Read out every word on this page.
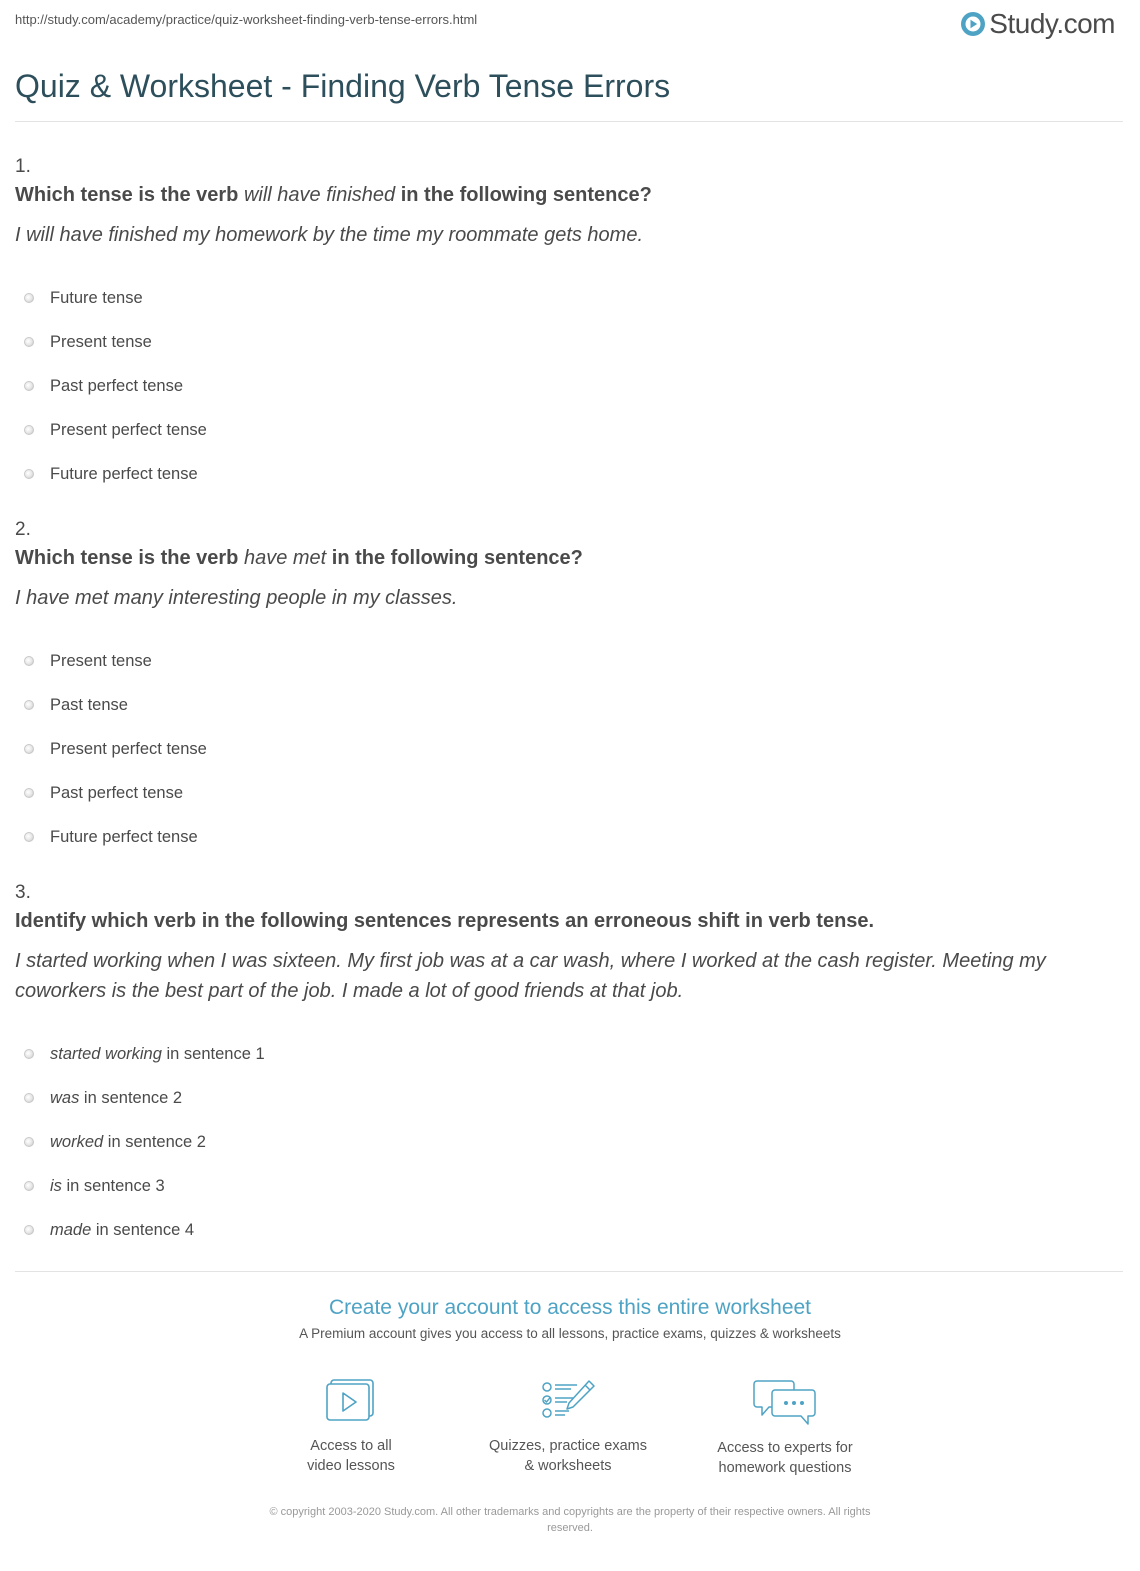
http://study.com/academy/practice/quiz-worksheet-finding-verb-tense-errors.html	Study.com
Quiz & Worksheet - Finding Verb Tense Errors
1.
Which tense is the verb will have finished in the following sentence?
I will have finished my homework by the time my roommate gets home.
Future tense
Present tense
Past perfect tense
Present perfect tense
Future perfect tense
2.
Which tense is the verb have met in the following sentence?
I have met many interesting people in my classes.
Present tense
Past tense
Present perfect tense
Past perfect tense
Future perfect tense
3.
Identify which verb in the following sentences represents an erroneous shift in verb tense.
I started working when I was sixteen. My first job was at a car wash, where I worked at the cash register. Meeting my coworkers is the best part of the job. I made a lot of good friends at that job.
started working in sentence 1
was in sentence 2
worked in sentence 2
is in sentence 3
made in sentence 4
Create your account to access this entire worksheet
A Premium account gives you access to all lessons, practice exams, quizzes & worksheets
Access to all
video lessons
Quizzes, practice exams
& worksheets
Access to experts for
homework questions
© copyright 2003-2020 Study.com. All other trademarks and copyrights are the property of their respective owners. All rights
reserved.
